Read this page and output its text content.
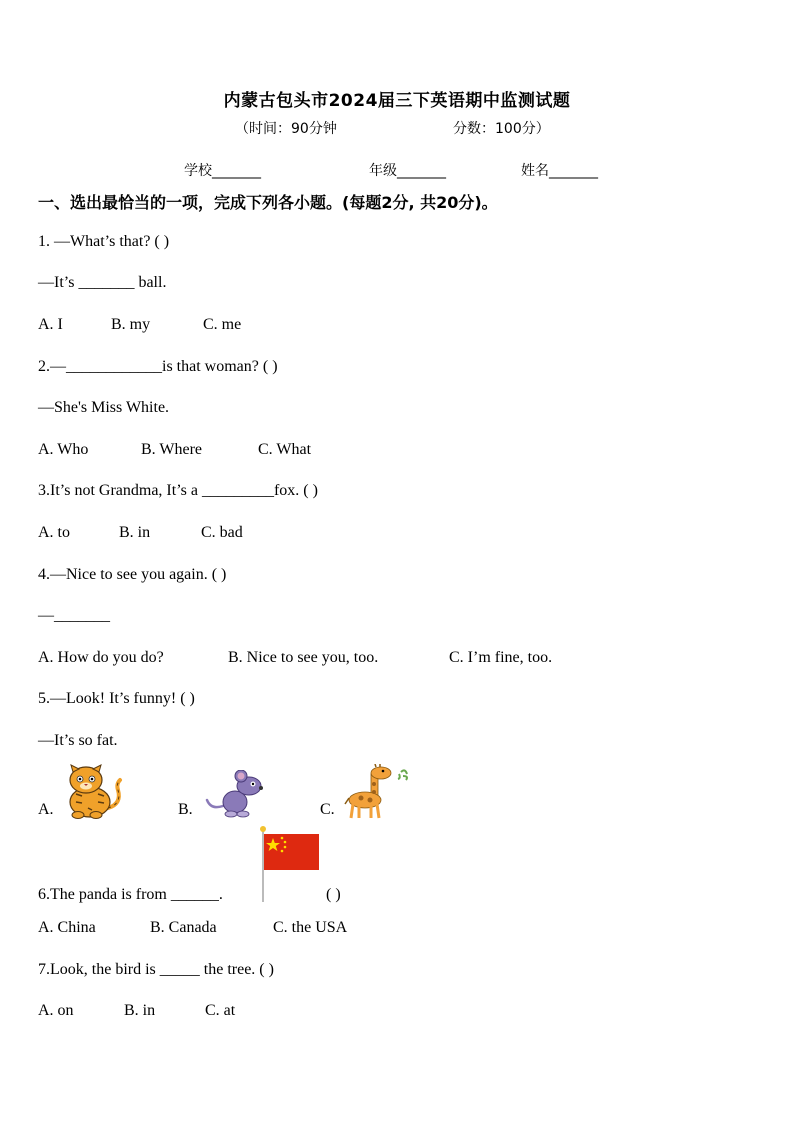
内蒙古包头市2024届三下英语期中监测试题
（时间：90分钟	分数：100分）
学校_______	年级_______	姓名_______
一、选出最恰当的一项，完成下列各小题。(每题2分, 共20分)。
1. —What’s that? ( )
—It’s _______ ball.
A. I	B. my	C. me
2.—____________is that woman? ( )
—She's Miss White.
A. Who	B. Where	C. What
3.It’s not Grandma, It’s a _________fox. ( )
A. to	B. in	C. bad
4.—Nice to see you again. ( )
—_______
A. How do you do?	B. Nice to see you, too.	C. I’m fine, too.
5.—Look! It’s funny! ( )
—It’s so fat.
A.	B.	C.
6.The panda is from ______.	( )
A. China	B. Canada	C. the USA
7.Look, the bird is _____ the tree. ( )
A. on	B. in	C. at
